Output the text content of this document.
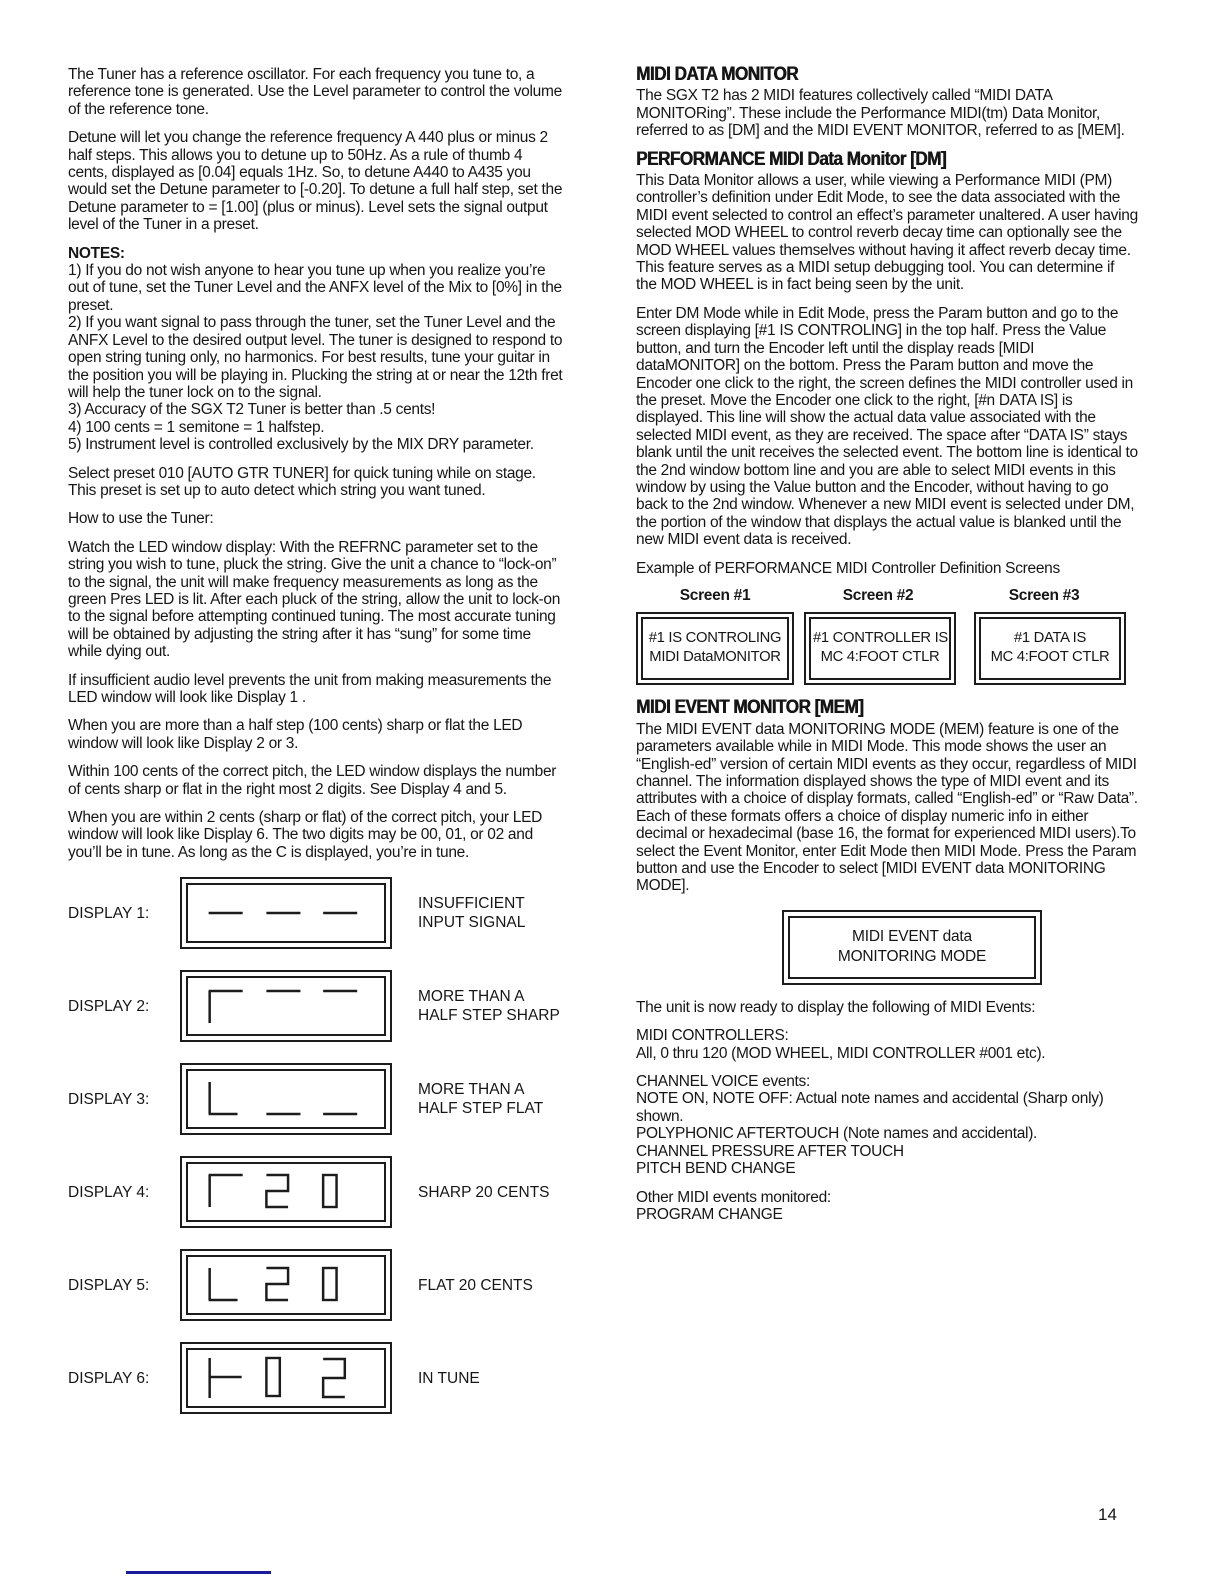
The Tuner has a reference oscillator. For each frequency you tune to, a reference tone is generated. Use the Level parameter to control the volume of the reference tone.

Detune will let you change the reference frequency A 440 plus or minus 2 half steps. This allows you to detune up to 50Hz. As a rule of thumb 4 cents, displayed as [0.04] equals 1Hz. So, to detune A440 to A435 you would set the Detune parameter to [-0.20]. To detune a full half step, set the Detune parameter to = [1.00] (plus or minus). Level sets the signal output level of the Tuner in a preset.

NOTES:
1) If you do not wish anyone to hear you tune up when you realize you’re out of tune, set the Tuner Level and the ANFX level of the Mix to [0%] in the preset.
2) If you want signal to pass through the tuner, set the Tuner Level and the ANFX Level to the desired output level. The tuner is designed to respond to open string tuning only, no harmonics. For best results, tune your guitar in the position you will be playing in. Plucking the string at or near the 12th fret will help the tuner lock on to the signal.
3) Accuracy of the SGX T2 Tuner is better than .5 cents!
4) 100 cents = 1 semitone = 1 halfstep.
5) Instrument level is controlled exclusively by the MIX DRY parameter.

Select preset 010 [AUTO GTR TUNER] for quick tuning while on stage. This preset is set up to auto detect which string you want tuned.

How to use the Tuner:

Watch the LED window display: With the REFRNC parameter set to the string you wish to tune, pluck the string. Give the unit a chance to “lock-on” to the signal, the unit will make frequency measurements as long as the green Pres LED is lit. After each pluck of the string, allow the unit to lock-on to the signal before attempting continued tuning. The most accurate tuning will be obtained by adjusting the string after it has “sung” for some time while dying out.

If insufficient audio level prevents the unit from making measurements the LED window will look like Display 1 .

When you are more than a half step (100 cents) sharp or flat the LED window will look like Display 2 or 3.

Within 100 cents of the correct pitch, the LED window displays the number of cents sharp or flat in the right most 2 digits. See Display 4 and 5.

When you are within 2 cents (sharp or flat) of the correct pitch, your LED window will look like Display 6. The two digits may be 00, 01, or 02 and you’ll be in tune. As long as the C is displayed, you’re in tune.

DISPLAY 1:
INSUFFICIENT
INPUT SIGNAL
DISPLAY 2:
MORE THAN A
HALF STEP SHARP
DISPLAY 3:
MORE THAN A
HALF STEP FLAT
DISPLAY 4:	SHARP 20 CENTS
DISPLAY 5:	FLAT 20 CENTS
DISPLAY 6:	IN TUNE
MIDI DATA MONITOR

The SGX T2 has 2 MIDI features collectively called “MIDI DATA MONITORing”. These include the Performance MIDI(tm) Data Monitor, referred to as [DM] and the MIDI EVENT MONITOR, referred to as [MEM].

PERFORMANCE MIDI Data Monitor [DM]

This Data Monitor allows a user, while viewing a Performance MIDI (PM) controller’s definition under Edit Mode, to see the data associated with the MIDI event selected to control an effect’s parameter unaltered. A user having selected MOD WHEEL to control reverb decay time can optionally see the MOD WHEEL values themselves without having it affect reverb decay time. This feature serves as a MIDI setup debugging tool. You can determine if the MOD WHEEL is in fact being seen by the unit.

Enter DM Mode while in Edit Mode, press the Param button and go to the screen displaying [#1 IS CONTROLING] in the top half. Press the Value button, and turn the Encoder left until the display reads [MIDI dataMONITOR] on the bottom. Press the Param button and move the Encoder one click to the right, the screen defines the MIDI controller used in the preset. Move the Encoder one click to the right, [#n DATA IS] is displayed. This line will show the actual data value associated with the selected MIDI event, as they are received. The space after “DATA IS” stays blank until the unit receives the selected event. The bottom line is identical to the 2nd window bottom line and you are able to select MIDI events in this window by using the Value button and the Encoder, without having to go back to the 2nd window. Whenever a new MIDI event is selected under DM, the portion of the window that displays the actual value is blanked until the new MIDI event data is received.

Example of PERFORMANCE MIDI Controller Definition Screens

Screen #1	Screen #2	Screen #3
#1 IS CONTROLING
MIDI DataMONITOR
#1 CONTROLLER IS
MC 4:FOOT CTLR
#1 DATA IS
MC 4:FOOT CTLR
MIDI EVENT MONITOR [MEM]

The MIDI EVENT data MONITORING MODE (MEM) feature is one of the parameters available while in MIDI Mode. This mode shows the user an “English-ed” version of certain MIDI events as they occur, regardless of MIDI channel. The information displayed shows the type of MIDI event and its attributes with a choice of display formats, called “English-ed” or “Raw Data”. Each of these formats offers a choice of display numeric info in either decimal or hexadecimal (base 16, the format for experienced MIDI users).To select the Event Monitor, enter Edit Mode then MIDI Mode. Press the Param button and use the Encoder to select [MIDI EVENT data MONITORING MODE].

MIDI EVENT data
MONITORING MODE

The unit is now ready to display the following of MIDI Events:

MIDI CONTROLLERS:
All, 0 thru 120 (MOD WHEEL, MIDI CONTROLLER #001 etc).
CHANNEL VOICE events:
NOTE ON, NOTE OFF: Actual note names and accidental (Sharp only) shown.
POLYPHONIC AFTERTOUCH (Note names and accidental).
CHANNEL PRESSURE AFTER TOUCH
PITCH BEND CHANGE
Other MIDI events monitored:
PROGRAM CHANGE
14
